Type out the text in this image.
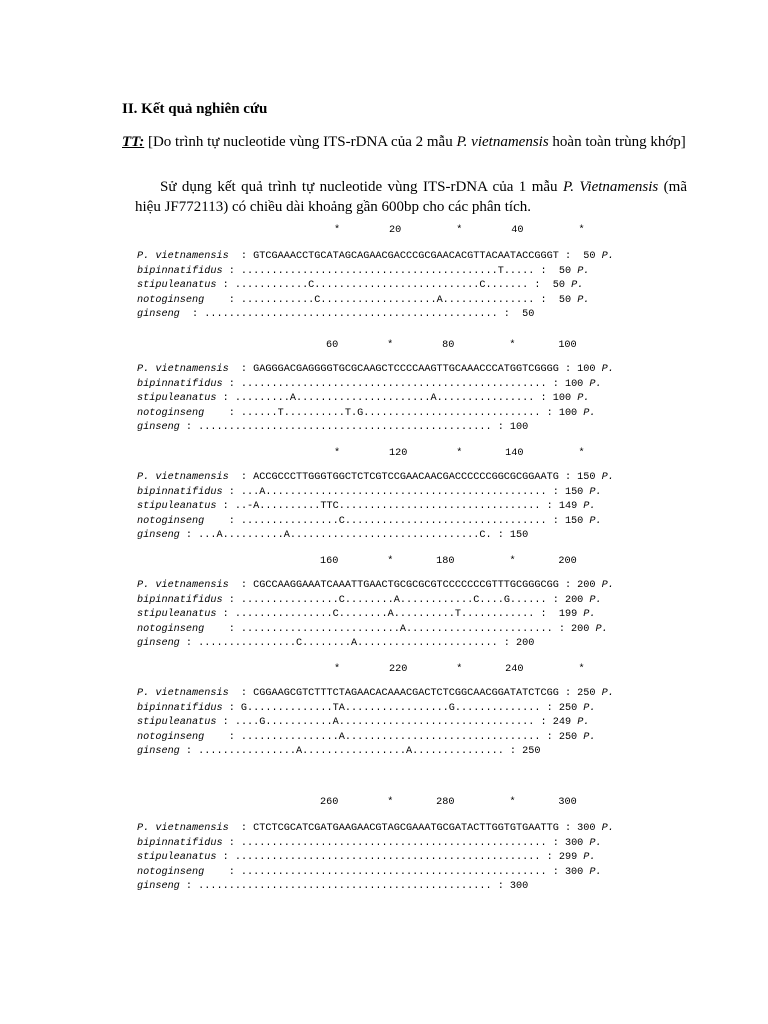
II. Kết quả nghiên cứu
TT: [Do trình tự nucleotide vùng ITS-rDNA của 2 mẫu P. vietnamensis hoàn toàn trùng khớp]
Sử dụng kết quả trình tự nucleotide vùng ITS-rDNA của 1 mẫu P. Vietnamensis (mã hiệu JF772113) có chiều dài khoảng gần 600bp cho các phân tích.
*        20         *        40         *
60        *        80         *       100
*        120        *       140         *
160        *       180         *       200
*        220        *       240         *
260        *       280         *       300
P. vietnamensis  : GTCGAAACCTGCATAGCAGAACGACCCGCGAACACGTTACAATACCGGGT :  50 P.
bipinnatifidus : ..........................................T..... :  50 P.
stipuleanatus : ............C...........................C....... :  50 P.
notoginseng    : ............C...................A............... :  50 P.
ginseng  : ................................................ :  50
P. vietnamensis  : GAGGGACGAGGGGTGCGCAAGCTCCCCAAGTTGCAAACCCATGGTCGGGG : 100 P.
bipinnatifidus : .................................................. : 100 P.
stipuleanatus : .........A......................A................ : 100 P.
notoginseng    : ......T..........T.G............................. : 100 P.
ginseng : ................................................ : 100
P. vietnamensis  : ACCGCCCTTGGGTGGCTCTCGTCCGAACAACGACCCCCCGGCGCGGAATG : 150 P.
bipinnatifidus : ...A.............................................. : 150 P.
stipuleanatus : ..-A..........TTC................................. : 149 P.
notoginseng    : ................C................................. : 150 P.
ginseng : ...A..........A...............................C. : 150
P. vietnamensis  : CGCCAAGGAAATCAAATTGAACTGCGCGCGTCCCCCCCGTTTGCGGGCGG : 200 P.
bipinnatifidus : ................C........A............C....G...... : 200 P.
stipuleanatus : ................C........A..........T............ :  199 P.
notoginseng    : ..........................A........................ : 200 P.
ginseng : ................C........A....................... : 200
P. vietnamensis  : CGGAAGCGTCTTTCTAGAACACAAACGACTCTCGGCAACGGATATCTCGG : 250 P.
bipinnatifidus : G..............TA.................G.............. : 250 P.
stipuleanatus : ....G...........A................................ : 249 P.
notoginseng    : ................A................................ : 250 P.
ginseng : ................A.................A............... : 250
P. vietnamensis  : CTCTCGCATCGATGAAGAACGTAGCGAAATGCGATACTTGGTGTGAATTG : 300 P.
bipinnatifidus : .................................................. : 300 P.
stipuleanatus : .................................................. : 299 P.
notoginseng    : .................................................. : 300 P.
ginseng : ................................................ : 300
